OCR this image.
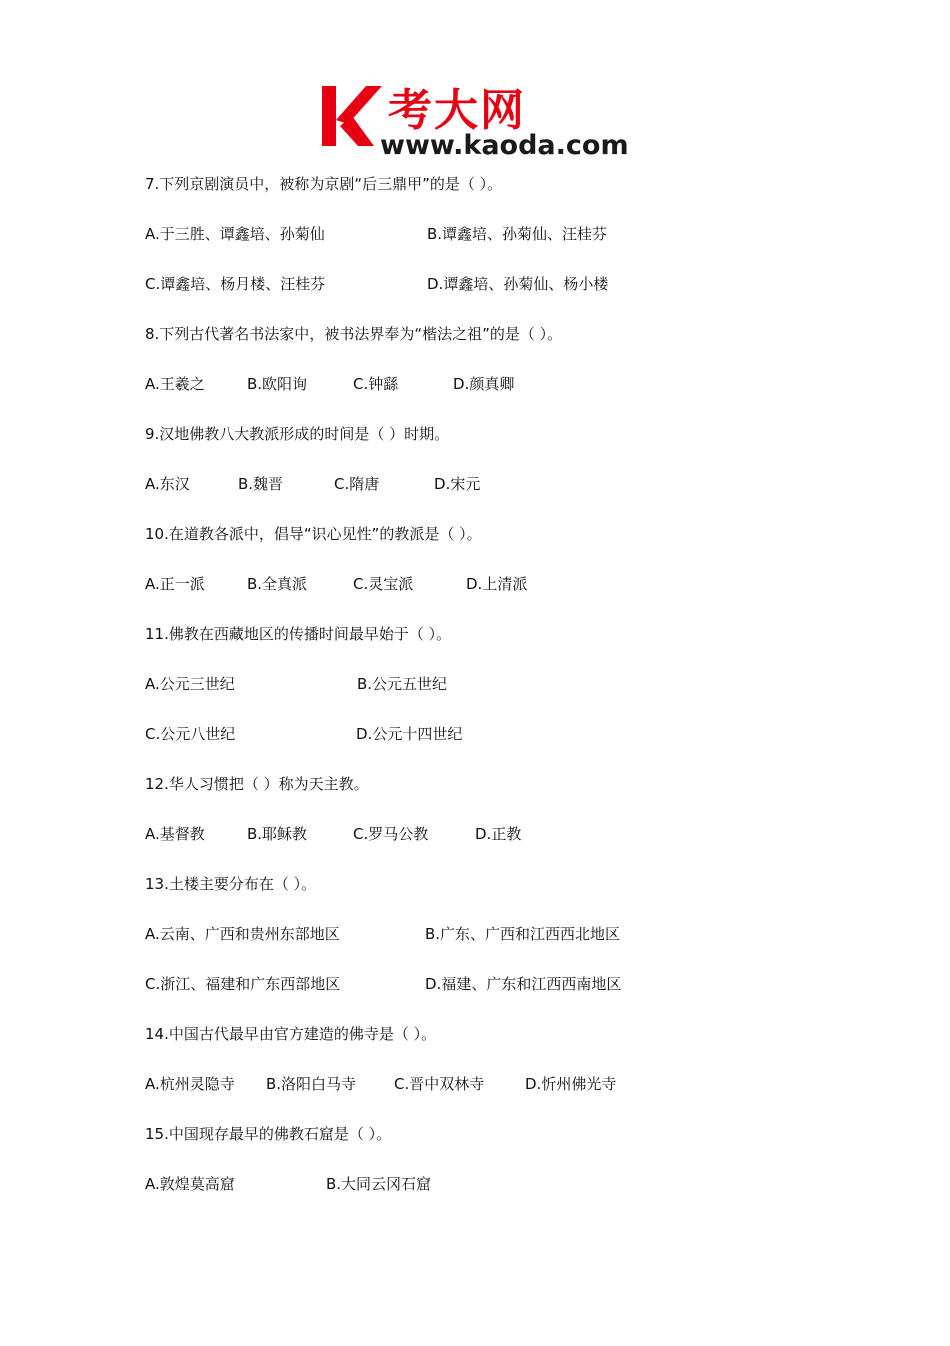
考大网
www.kaoda.com
7.下列京剧演员中，被称为京剧“后三鼎甲”的是（ ）。
A.于三胜、谭鑫培、孙菊仙	B.谭鑫培、孙菊仙、汪桂芬
C.谭鑫培、杨月楼、汪桂芬	D.谭鑫培、孙菊仙、杨小楼
8.下列古代著名书法家中，被书法界奉为“楷法之祖”的是（ ）。
A.王羲之	B.欧阳询	C.钟繇	D.颜真卿
9.汉地佛教八大教派形成的时间是（ ）时期。
A.东汉	B.魏晋	C.隋唐	D.宋元
10.在道教各派中，倡导“识心见性”的教派是（ ）。
A.正一派	B.全真派	C.灵宝派	D.上清派
11.佛教在西藏地区的传播时间最早始于（ ）。
A.公元三世纪	B.公元五世纪
C.公元八世纪	D.公元十四世纪
12.华人习惯把（ ）称为天主教。
A.基督教	B.耶稣教	C.罗马公教	D.正教
13.土楼主要分布在（ ）。
A.云南、广西和贵州东部地区	B.广东、广西和江西西北地区
C.浙江、福建和广东西部地区	D.福建、广东和江西西南地区
14.中国古代最早由官方建造的佛寺是（ ）。
A.杭州灵隐寺 B.洛阳白马寺	C.晋中双林寺	D.忻州佛光寺
15.中国现存最早的佛教石窟是（ ）。
A.敦煌莫高窟	B.大同云冈石窟
